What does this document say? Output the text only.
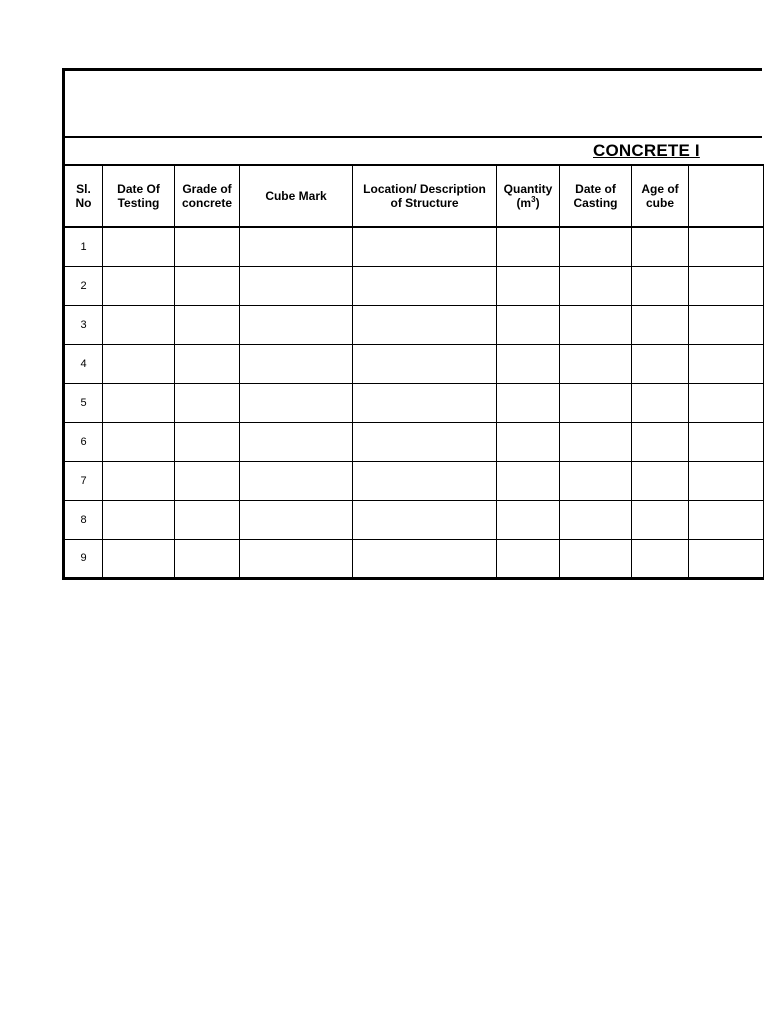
CONCRETE I
Sl. No	Date Of Testing	Grade of concrete	Cube Mark	Location/ Description of Structure	Quantity $(m^3)$	Date of Casting	Age of cube	

1								
2								
3								
4								
5								
6								
7								
8								
9								
